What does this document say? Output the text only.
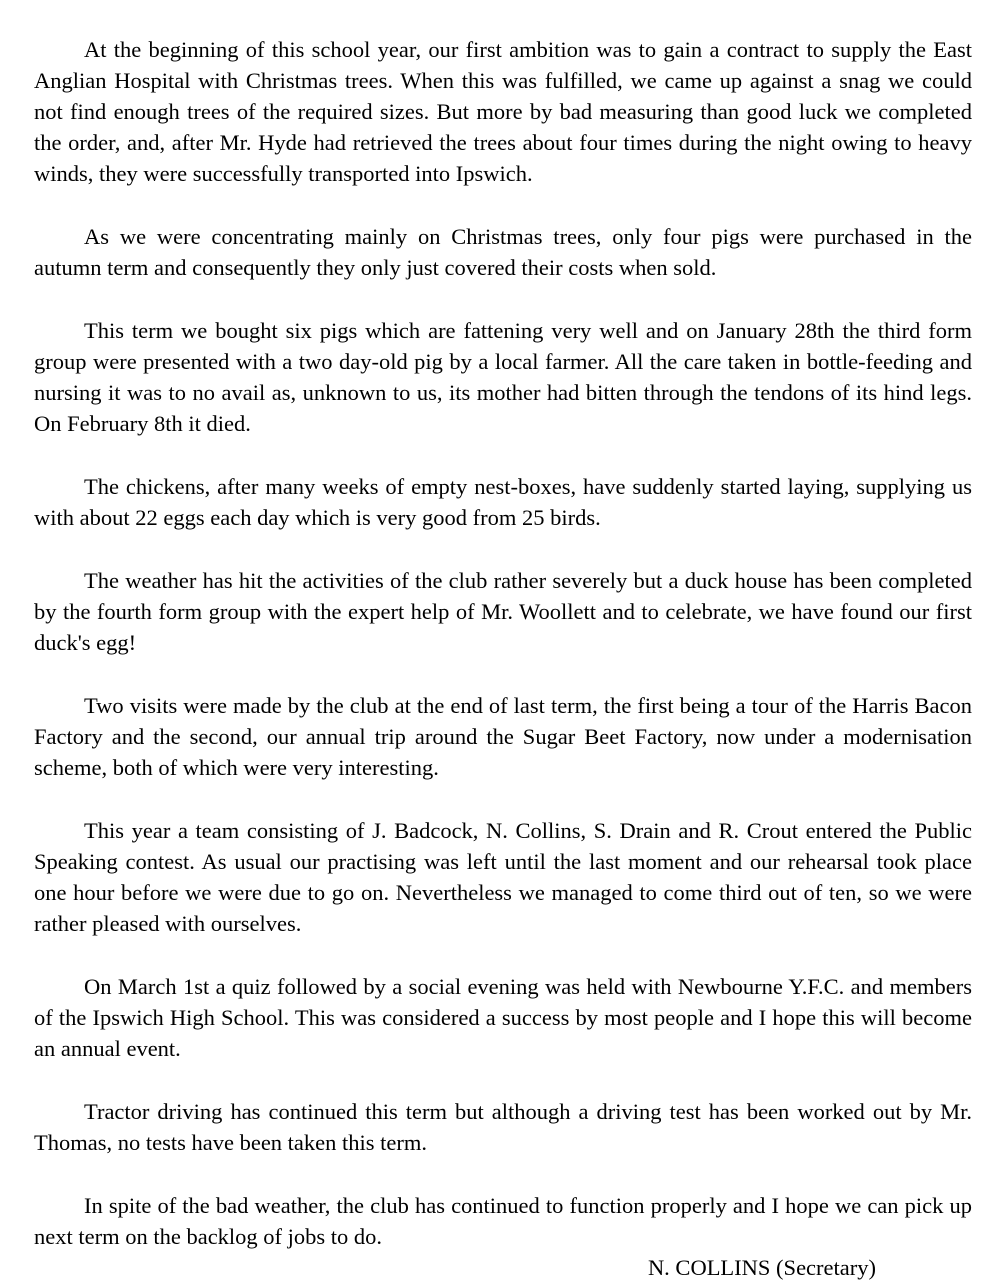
At the beginning of this school year, our first ambition was to gain a contract to supply the East Anglian Hospital with Christmas trees. When this was fulfilled, we came up against a snag we could not find enough trees of the required sizes. But more by bad measuring than good luck we completed the order, and, after Mr. Hyde had retrieved the trees about four times during the night owing to heavy winds, they were successfully transported into Ipswich.

As we were concentrating mainly on Christmas trees, only four pigs were purchased in the autumn term and consequently they only just covered their costs when sold.

This term we bought six pigs which are fattening very well and on January 28th the third form group were presented with a two day-old pig by a local farmer. All the care taken in bottle-feeding and nursing it was to no avail as, unknown to us, its mother had bitten through the tendons of its hind legs. On February 8th it died.

The chickens, after many weeks of empty nest-boxes, have suddenly started laying, supplying us with about 22 eggs each day which is very good from 25 birds.

The weather has hit the activities of the club rather severely but a duck house has been completed by the fourth form group with the expert help of Mr. Woollett and to celebrate, we have found our first duck's egg!

Two visits were made by the club at the end of last term, the first being a tour of the Harris Bacon Factory and the second, our annual trip around the Sugar Beet Factory, now under a modernisation scheme, both of which were very interesting.

This year a team consisting of J. Badcock, N. Collins, S. Drain and R. Crout entered the Public Speaking contest. As usual our practising was left until the last moment and our rehearsal took place one hour before we were due to go on. Nevertheless we managed to come third out of ten, so we were rather pleased with ourselves.

On March 1st a quiz followed by a social evening was held with Newbourne Y.F.C. and members of the Ipswich High School. This was considered a success by most people and I hope this will become an annual event.

Tractor driving has continued this term but although a driving test has been worked out by Mr. Thomas, no tests have been taken this term.

In spite of the bad weather, the club has continued to function properly and I hope we can pick up next term on the backlog of jobs to do.

N. COLLINS (Secretary)
